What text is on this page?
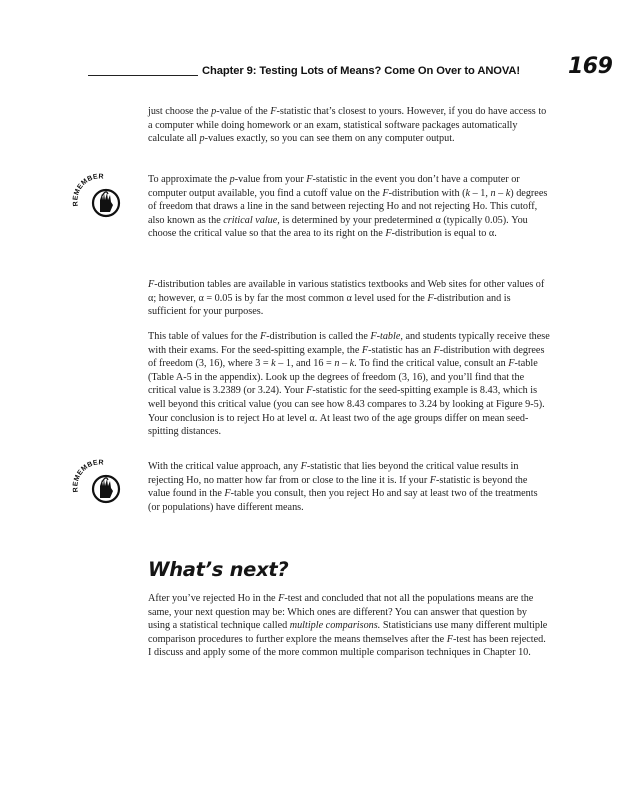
Chapter 9: Testing Lots of Means? Come On Over to ANOVA! 169

just choose the p-value of the F-statistic that’s closest to yours. However, if you do have access to a computer while doing homework or an exam, statistical software packages automatically calculate all p-values exactly, so you can see them on any computer output.

REMEMBER	To approximate the p-value from your F-statistic in the event you don’t have a computer or computer output available, you find a cutoff value on the F-distribution with (k – 1, n – k) degrees of freedom that draws a line in the sand between rejecting Ho and not rejecting Ho. This cutoff, also known as the critical value, is determined by your predetermined α (typically 0.05). You choose the critical value so that the area to its right on the F-distribution is equal to α.

F-distribution tables are available in various statistics textbooks and Web sites for other values of α; however, α = 0.05 is by far the most common α level used for the F-distribution and is sufficient for your purposes.

This table of values for the F-distribution is called the F-table, and students typically receive these with their exams. For the seed-spitting example, the F-statistic has an F-distribution with degrees of freedom (3, 16), where 3 = k – 1, and 16 = n – k. To find the critical value, consult an F-table (Table A-5 in the appendix). Look up the degrees of freedom (3, 16), and you’ll find that the critical value is 3.2389 (or 3.24). Your F-statistic for the seed-spitting example is 8.43, which is well beyond this critical value (you can see how 8.43 compares to 3.24 by looking at Figure 9-5). Your conclusion is to reject Ho at level α. At least two of the age groups differ on mean seed-spitting distances.

REMEMBER	With the critical value approach, any F-statistic that lies beyond the critical value results in rejecting Ho, no matter how far from or close to the line it is. If your F-statistic is beyond the value found in the F-table you consult, then you reject Ho and say at least two of the treatments (or populations) have different means.

What’s next?

After you’ve rejected Ho in the F-test and concluded that not all the populations means are the same, your next question may be: Which ones are different? You can answer that question by using a statistical technique called multiple comparisons. Statisticians use many different multiple comparison procedures to further explore the means themselves after the F-test has been rejected. I discuss and apply some of the more common multiple comparison techniques in Chapter 10.
